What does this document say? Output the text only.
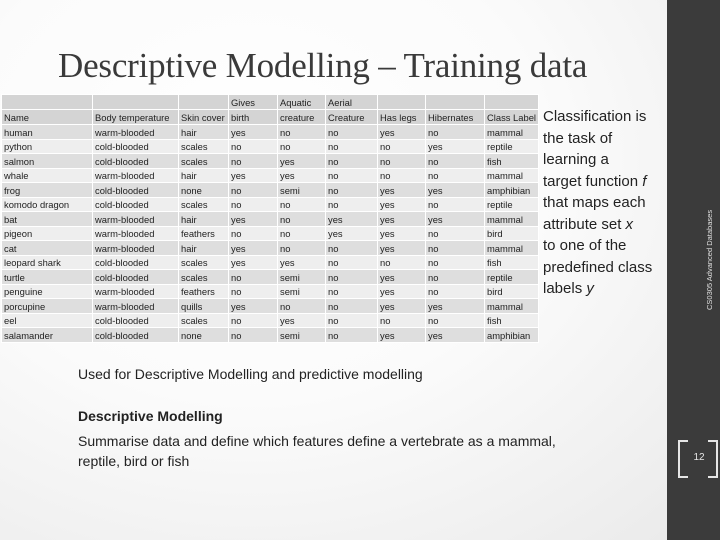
Descriptive Modelling – Training data
			Gives	Aquatic	Aerial			
Name	Body temperature	Skin cover	birth	creature	Creature	Has legs	Hibernates	Class Label
human	warm-blooded	hair	yes	no	no	yes	no	mammal
python	cold-blooded	scales	no	no	no	no	yes	reptile
salmon	cold-blooded	scales	no	yes	no	no	no	fish
whale	warm-blooded	hair	yes	yes	no	no	no	mammal
frog	cold-blooded	none	no	semi	no	yes	yes	amphibian
komodo dragon	cold-blooded	scales	no	no	no	yes	no	reptile
bat	warm-blooded	hair	yes	no	yes	yes	yes	mammal
pigeon	warm-blooded	feathers	no	no	yes	yes	no	bird
cat	warm-blooded	hair	yes	no	no	yes	no	mammal
leopard shark	cold-blooded	scales	yes	yes	no	no	no	fish
turtle	cold-blooded	scales	no	semi	no	yes	no	reptile
penguine	warm-blooded	feathers	no	semi	no	yes	no	bird
porcupine	warm-blooded	quills	yes	no	no	yes	yes	mammal
eel	cold-blooded	scales	no	yes	no	no	no	fish
salamander	cold-blooded	none	no	semi	no	yes	yes	amphibian
Classification is
the task of
learning a
target function f
that maps each
attribute set x
to one of the
predefined class
labels y
Used for Descriptive Modelling and predictive modelling
Descriptive Modelling
Summarise data and define which features define a vertebrate as a mammal, reptile, bird or fish
CS0305 Advanced Databases
12
